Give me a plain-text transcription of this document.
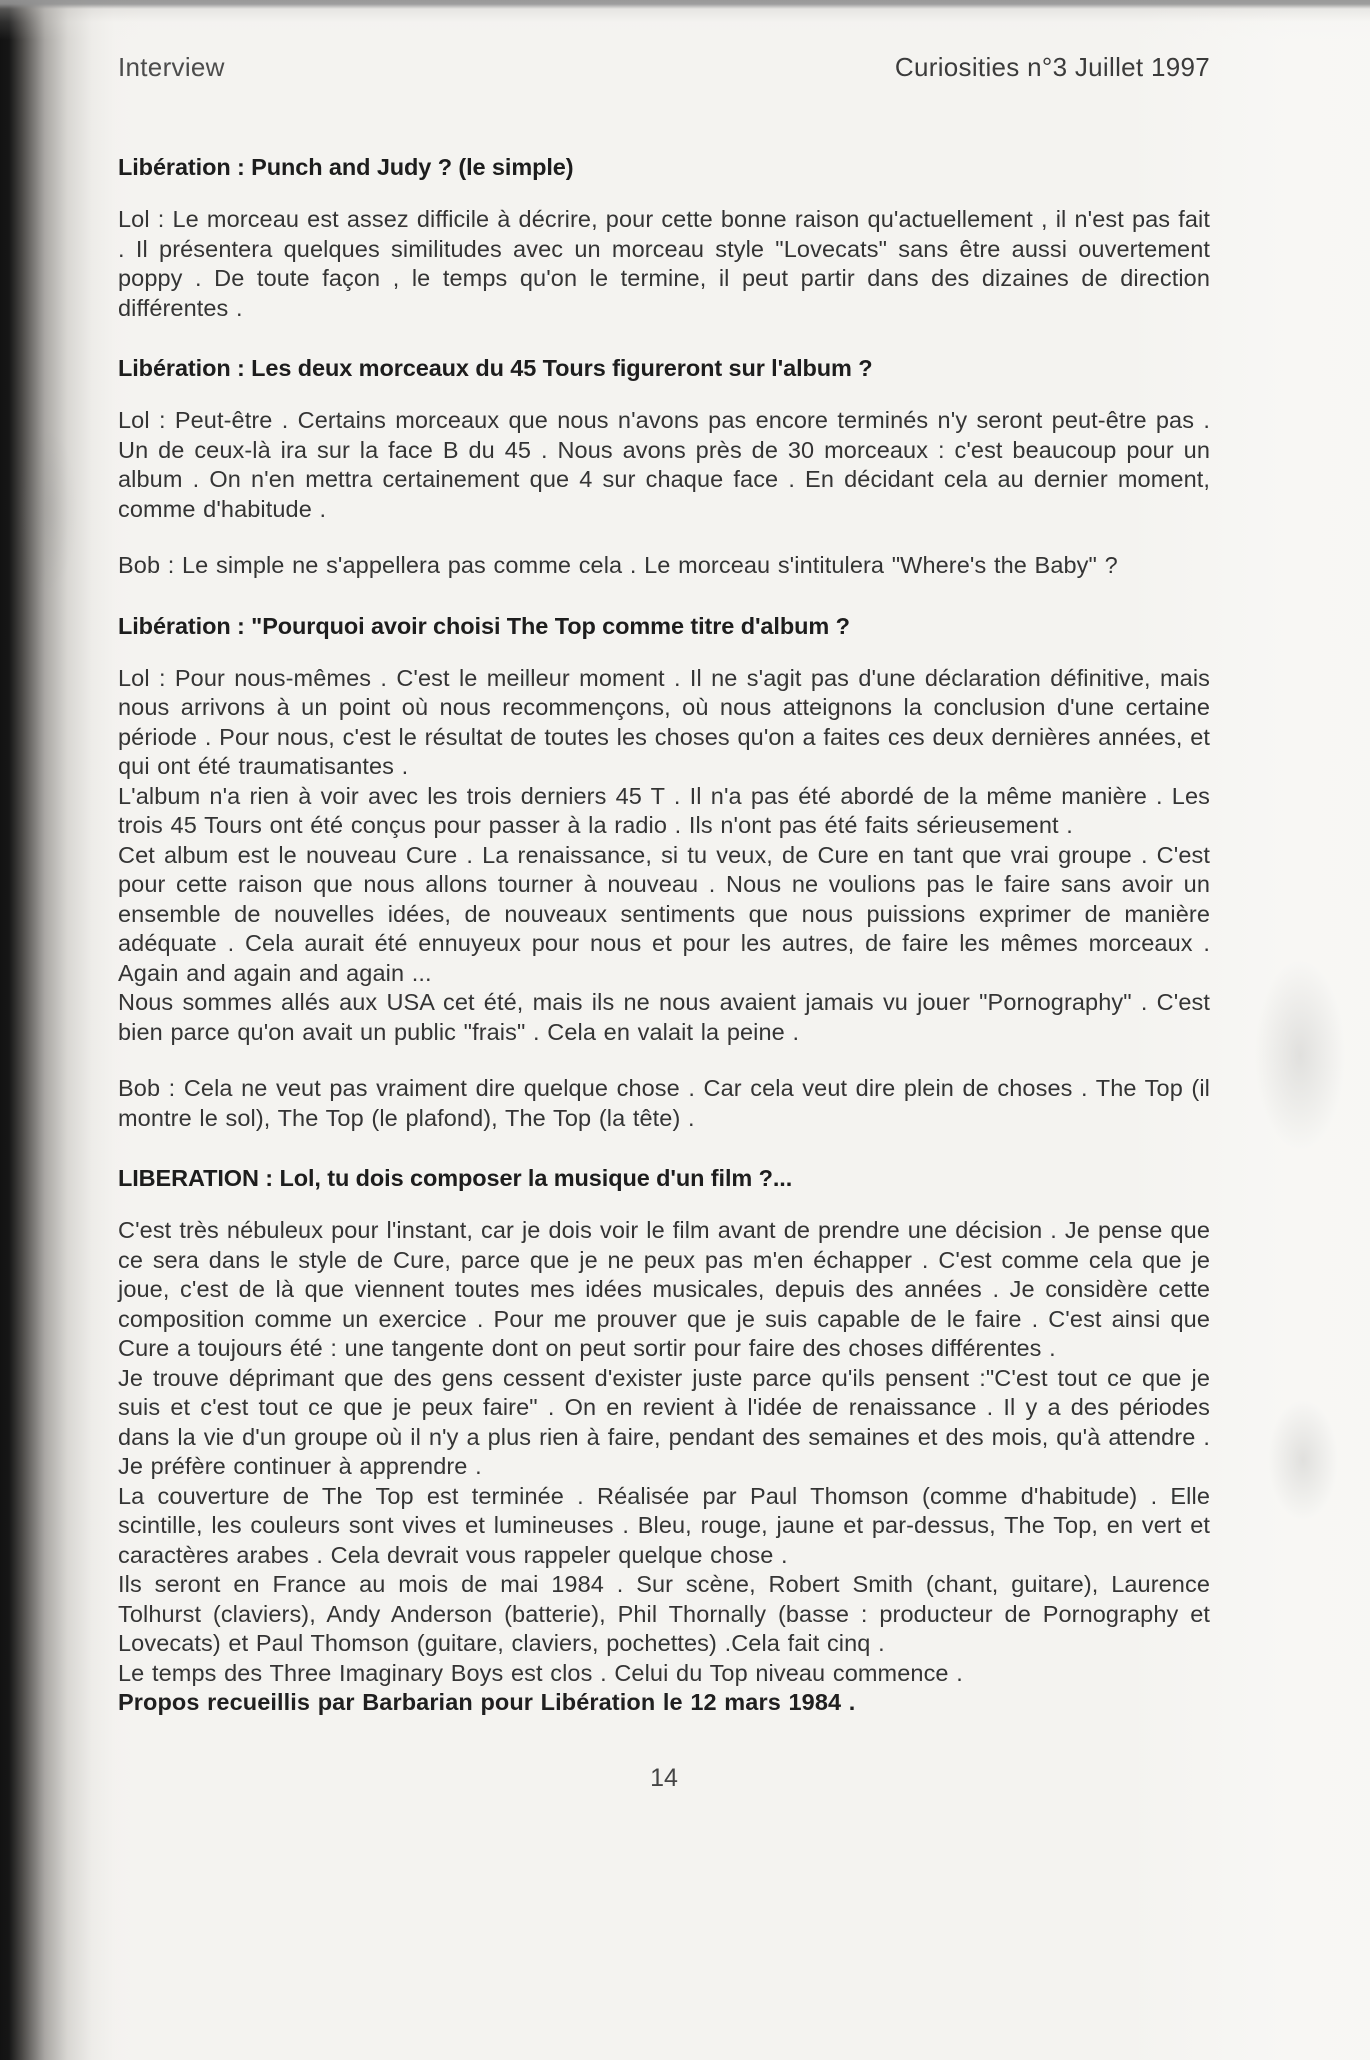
Interview	Curiosities n°3 Juillet 1997
Libération : Punch and Judy ? (le simple)

Lol : Le morceau est assez difficile à décrire, pour cette bonne raison qu'actuellement , il n'est pas fait . Il présentera quelques similitudes avec un morceau style "Lovecats" sans être aussi ouvertement poppy . De toute façon , le temps qu'on le termine, il peut partir dans des dizaines de direction différentes .

Libération : Les deux morceaux du 45 Tours figureront sur l'album ?

Lol : Peut-être . Certains morceaux que nous n'avons pas encore terminés n'y seront peut-être pas . Un de ceux-là ira sur la face B du 45 . Nous avons près de 30 morceaux : c'est beaucoup pour un album . On n'en mettra certainement que 4 sur chaque face . En décidant cela au dernier moment, comme d'habitude .

Bob : Le simple ne s'appellera pas comme cela . Le morceau s'intitulera "Where's the Baby" ?

Libération : "Pourquoi avoir choisi The Top comme titre d'album ?

Lol : Pour nous-mêmes . C'est le meilleur moment . Il ne s'agit pas d'une déclaration définitive, mais nous arrivons à un point où nous recommençons, où nous atteignons la conclusion d'une certaine période . Pour nous, c'est le résultat de toutes les choses qu'on a faites ces deux dernières années, et qui ont été traumatisantes .

L'album n'a rien à voir avec les trois derniers 45 T . Il n'a pas été abordé de la même manière . Les trois 45 Tours ont été conçus pour passer à la radio . Ils n'ont pas été faits sérieusement .

Cet album est le nouveau Cure . La renaissance, si tu veux, de Cure en tant que vrai groupe . C'est pour cette raison que nous allons tourner à nouveau . Nous ne voulions pas le faire sans avoir un ensemble de nouvelles idées, de nouveaux sentiments que nous puissions exprimer de manière adéquate . Cela aurait été ennuyeux pour nous et pour les autres, de faire les mêmes morceaux . Again and again and again ...

Nous sommes allés aux USA cet été, mais ils ne nous avaient jamais vu jouer "Pornography" . C'est bien parce qu'on avait un public "frais" . Cela en valait la peine .

Bob : Cela ne veut pas vraiment dire quelque chose . Car cela veut dire plein de choses . The Top (il montre le sol), The Top (le plafond), The Top (la tête) .

LIBERATION : Lol, tu dois composer la musique d'un film ?...

C'est très nébuleux pour l'instant, car je dois voir le film avant de prendre une décision . Je pense que ce sera dans le style de Cure, parce que je ne peux pas m'en échapper . C'est comme cela que je joue, c'est de là que viennent toutes mes idées musicales, depuis des années . Je considère cette composition comme un exercice . Pour me prouver que je suis capable de le faire . C'est ainsi que Cure a toujours été : une tangente dont on peut sortir pour faire des choses différentes .

Je trouve déprimant que des gens cessent d'exister juste parce qu'ils pensent :"C'est tout ce que je suis et c'est tout ce que je peux faire" . On en revient à l'idée de renaissance . Il y a des périodes dans la vie d'un groupe où il n'y a plus rien à faire, pendant des semaines et des mois, qu'à attendre . Je préfère continuer à apprendre .

La couverture de The Top est terminée . Réalisée par Paul Thomson (comme d'habitude) . Elle scintille, les couleurs sont vives et lumineuses . Bleu, rouge, jaune et par-dessus, The Top, en vert et caractères arabes . Cela devrait vous rappeler quelque chose .

Ils seront en France au mois de mai 1984 . Sur scène, Robert Smith (chant, guitare), Laurence Tolhurst (claviers), Andy Anderson (batterie), Phil Thornally (basse : producteur de Pornography et Lovecats) et Paul Thomson (guitare, claviers, pochettes) .Cela fait cinq .

Le temps des Three Imaginary Boys est clos . Celui du Top niveau commence .

Propos recueillis par Barbarian pour Libération le 12 mars 1984 .

14
